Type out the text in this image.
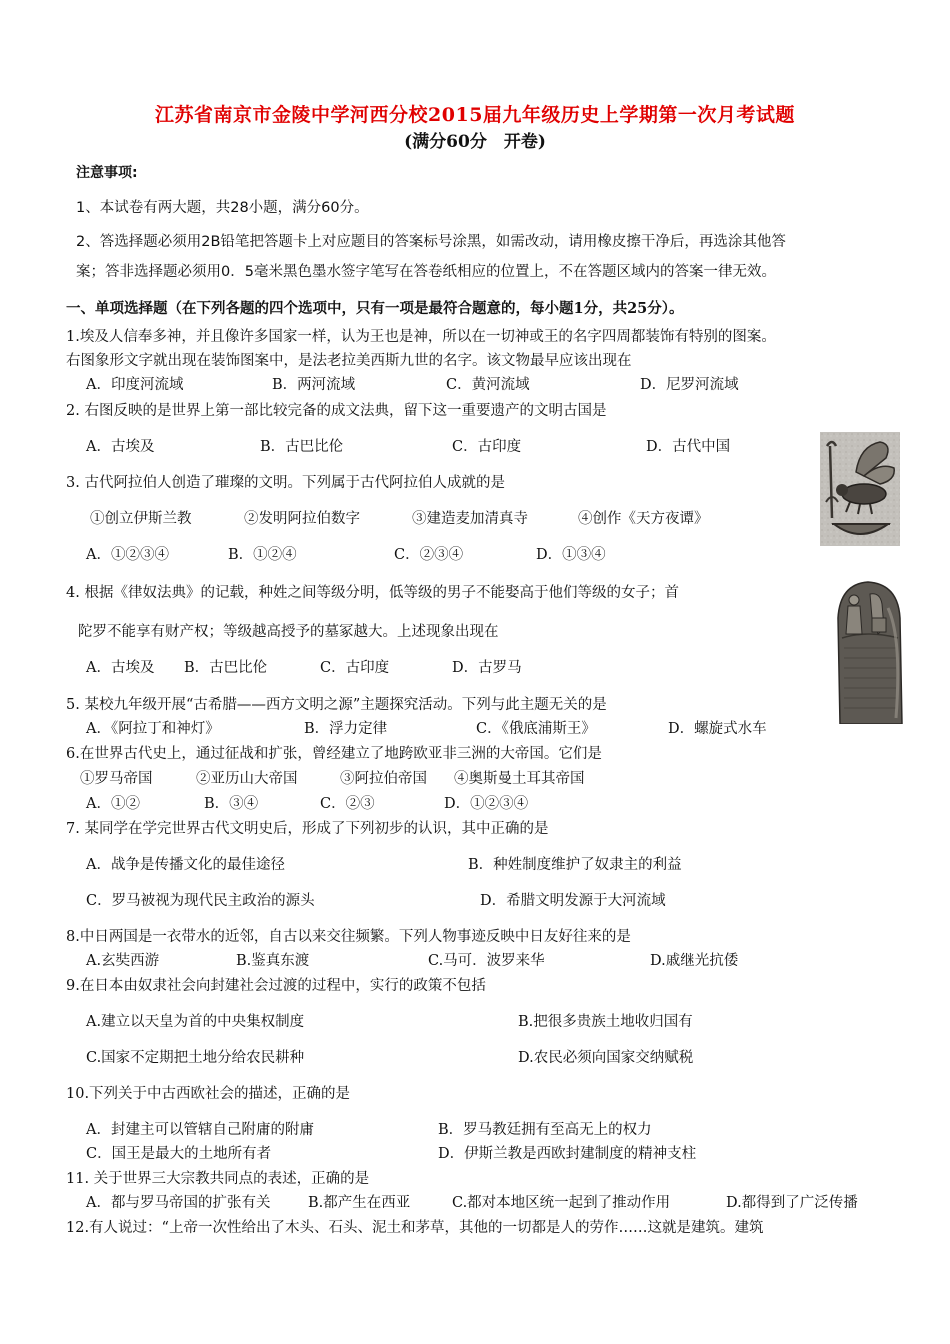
江苏省南京市金陵中学河西分校2015届九年级历史上学期第一次月考试题
(满分60分　开卷)
注意事项:
1、本试卷有两大题，共28小题，满分60分。
2、答选择题必须用2B铅笔把答题卡上对应题目的答案标号涂黑，如需改动，请用橡皮擦干净后，再选涂其他答
案；答非选择题必须用0．5毫米黑色墨水签字笔写在答卷纸相应的位置上，不在答题区域内的答案一律无效。
一、单项选择题（在下列各题的四个选项中，只有一项是最符合题意的，每小题1分，共25分）。
1.埃及人信奉多神，并且像许多国家一样，认为王也是神，所以在一切神或王的名字四周都装饰有特别的图案。
右图象形文字就出现在装饰图案中，是法老拉美西斯九世的名字。该文物最早应该出现在
A．印度河流域	B．两河流域	C．黄河流域	D．尼罗河流域
2. 右图反映的是世界上第一部比较完备的成文法典，留下这一重要遗产的文明古国是
A．古埃及	B．古巴比伦	C．古印度	D．古代中国
3. 古代阿拉伯人创造了璀璨的文明。下列属于古代阿拉伯人成就的是
①创立伊斯兰教	②发明阿拉伯数字	③建造麦加清真寺	④创作《天方夜谭》
A．①②③④	B．①②④	C．②③④	D．①③④
4. 根据《律奴法典》的记载，种姓之间等级分明，低等级的男子不能娶高于他们等级的女子；首
陀罗不能享有财产权；等级越高授予的墓冢越大。上述现象出现在
A．古埃及 B．古巴比伦	C．古印度	D．古罗马
5. 某校九年级开展“古希腊——西方文明之源”主题探究活动。下列与此主题无关的是
A．《阿拉丁和神灯》	B．浮力定律	C．《俄底浦斯王》	D．螺旋式水车
6.在世界古代史上，通过征战和扩张，曾经建立了地跨欧亚非三洲的大帝国。它们是
①罗马帝国	②亚历山大帝国	③阿拉伯帝国 ④奥斯曼土耳其帝国
A．①②	B．③④	C．②③	D．①②③④
7. 某同学在学完世界古代文明史后，形成了下列初步的认识，其中正确的是
A．战争是传播文化的最佳途径	B．种姓制度维护了奴隶主的利益
C．罗马被视为现代民主政治的源头	D．希腊文明发源于大河流域
8.中日两国是一衣带水的近邻，自古以来交往频繁。下列人物事迹反映中日友好往来的是
A.玄奘西游	B.鉴真东渡	C.马可．波罗来华	D.戚继光抗倭
9.在日本由奴隶社会向封建社会过渡的过程中，实行的政策不包括
A.建立以天皇为首的中央集权制度	B.把很多贵族土地收归国有
C.国家不定期把土地分给农民耕种	D.农民必须向国家交纳赋税
10.下列关于中古西欧社会的描述，正确的是
A．封建主可以管辖自己附庸的附庸	B．罗马教廷拥有至高无上的权力
C．国王是最大的土地所有者	D．伊斯兰教是西欧封建制度的精神支柱
11. 关于世界三大宗教共同点的表述，正确的是
A．都与罗马帝国的扩张有关	B.都产生在西亚	C.都对本地区统一起到了推动作用	D.都得到了广泛传播
12.有人说过：“上帝一次性给出了木头、石头、泥土和茅草，其他的一切都是人的劳作……这就是建筑。建筑
